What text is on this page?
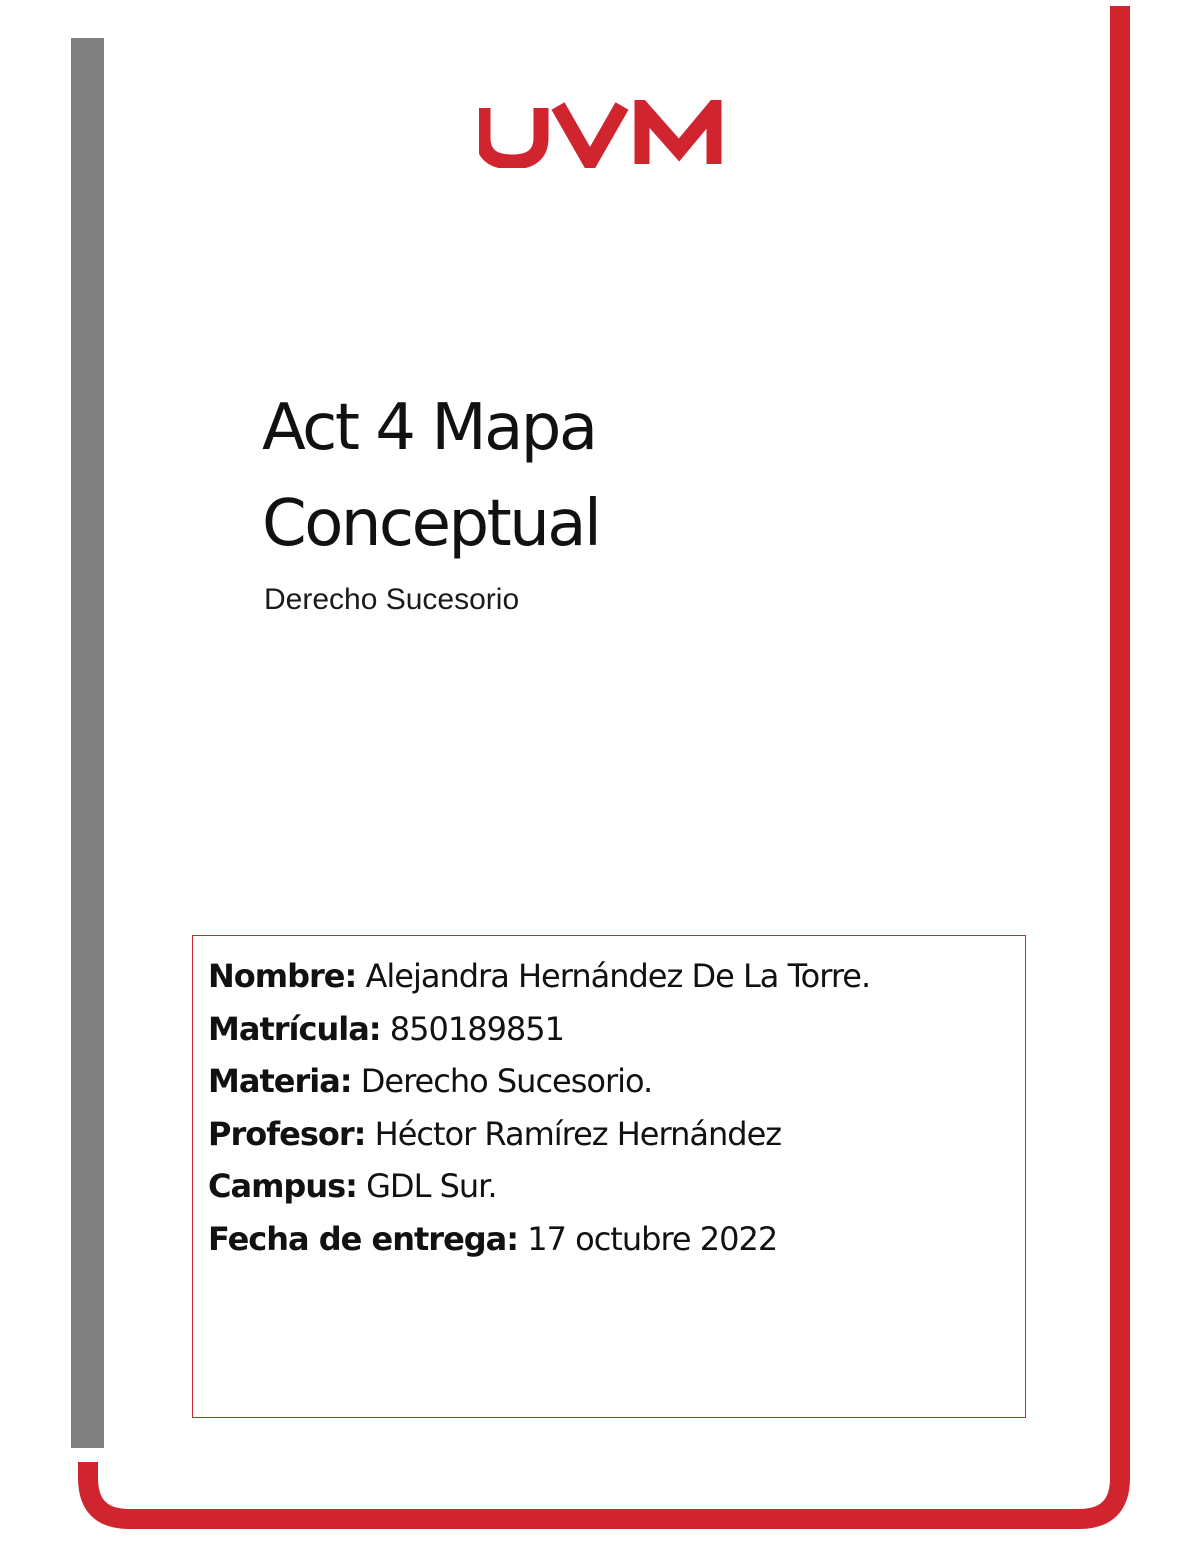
Act 4 Mapa
Conceptual
Derecho Sucesorio
Nombre: Alejandra Hernández De La Torre.
Matrícula: 850189851
Materia: Derecho Sucesorio.
Profesor: Héctor Ramírez Hernández
Campus: GDL Sur.
Fecha de entrega: 17 octubre 2022
